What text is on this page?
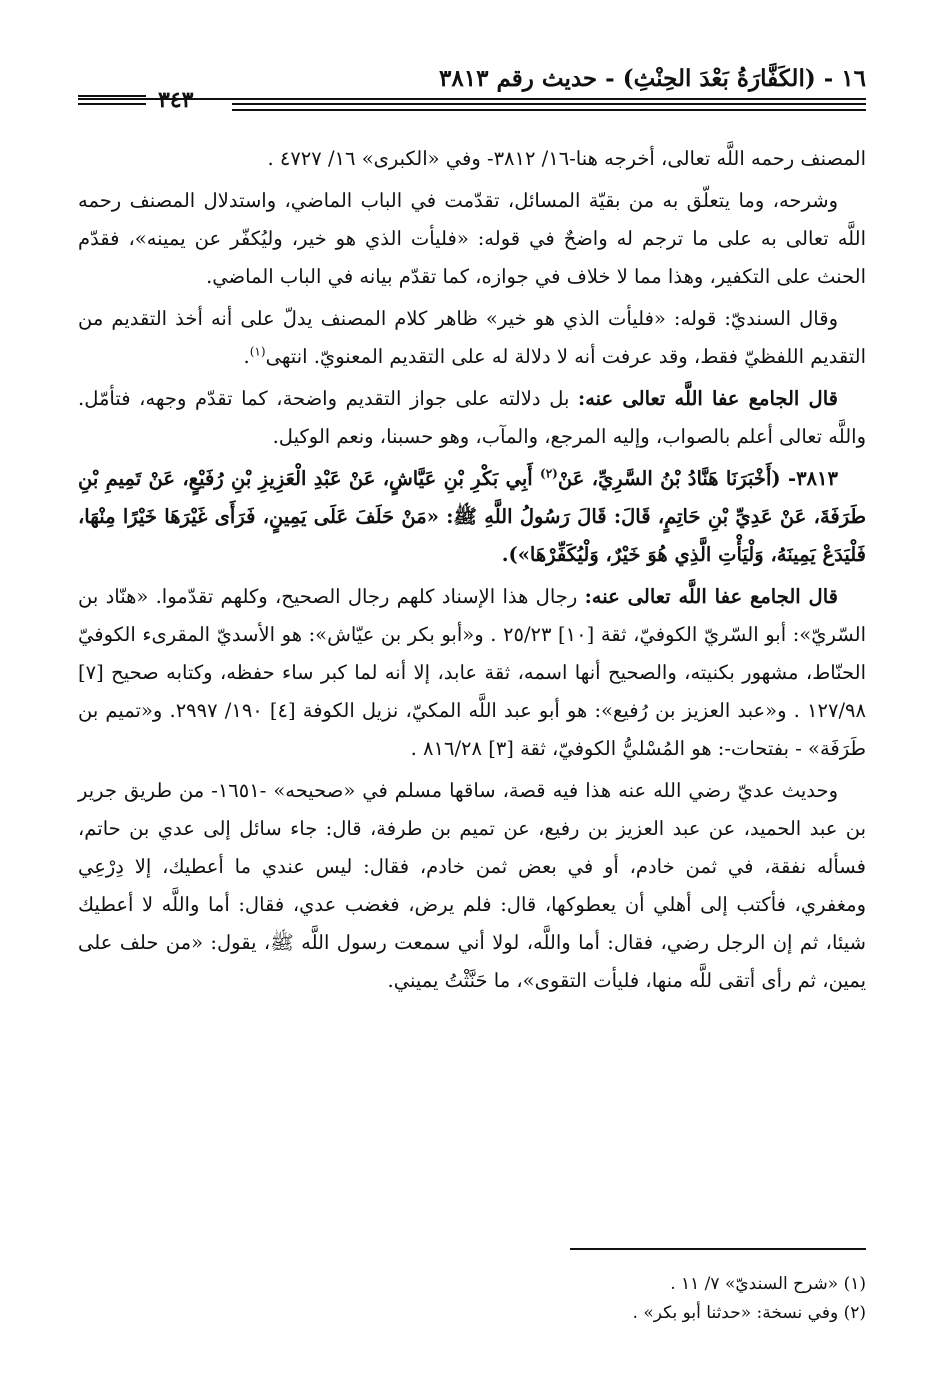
١٦ - (الكَفَّارَةُ بَعْدَ الحِنْثِ) - حديث رقم ٣٨١٣
٣٤٣

المصنف رحمه اللَّه تعالى، أخرجه هنا-١٦/ ٣٨١٢- وفي «الكبرى» ١٦/ ٤٧٢٧ .

وشرحه، وما يتعلّق به من بقيّة المسائل، تقدّمت في الباب الماضي، واستدلال المصنف رحمه اللَّه تعالى به على ما ترجم له واضحٌ في قوله: «فليأت الذي هو خير، وليُكفّر عن يمينه»، فقدّم الحنث على التكفير، وهذا مما لا خلاف في جوازه، كما تقدّم بيانه في الباب الماضي.

وقال السنديّ: قوله: «فليأت الذي هو خير» ظاهر كلام المصنف يدلّ على أنه أخذ التقديم من التقديم اللفظيّ فقط، وقد عرفت أنه لا دلالة له على التقديم المعنويّ. انتهى$^{(١)}$.

قال الجامع عفا اللَّه تعالى عنه: بل دلالته على جواز التقديم واضحة، كما تقدّم وجهه، فتأمّل. واللَّه تعالى أعلم بالصواب، وإليه المرجع، والمآب، وهو حسبنا، ونعم الوكيل.

٣٨١٣- (أَخْبَرَنَا هَنَّادُ بْنُ السَّرِيِّ، عَنْ$^{(٢)}$ أَبِي بَكْرِ بْنِ عَيَّاشٍ، عَنْ عَبْدِ الْعَزِيزِ بْنِ رُفَيْعٍ، عَنْ تَمِيمِ بْنِ طَرَفَةَ، عَنْ عَدِيِّ بْنِ حَاتِمٍ، قَالَ: قَالَ رَسُولُ اللَّهِ ﷺ: «مَنْ حَلَفَ عَلَى يَمِينٍ، فَرَأَى غَيْرَهَا خَيْرًا مِنْهَا، فَلْيَدَعْ يَمِينَهُ، وَلْيَأْتِ الَّذِي هُوَ خَيْرٌ، وَلْيُكَفِّرْهَا»).

قال الجامع عفا اللَّه تعالى عنه: رجال هذا الإسناد كلهم رجال الصحيح، وكلهم تقدّموا. «هنّاد بن السّريّ»: أبو السّريّ الكوفيّ، ثقة [١٠] ٢٥/٢٣ . و«أبو بكر بن عيّاش»: هو الأسديّ المقرىء الكوفيّ الحنّاط، مشهور بكنيته، والصحيح أنها اسمه، ثقة عابد، إلا أنه لما كبر ساء حفظه، وكتابه صحيح [٧] ١٢٧/٩٨ . و«عبد العزيز بن رُفيع»: هو أبو عبد اللَّه المكيّ، نزيل الكوفة [٤] ١٩٠/ ٢٩٩٧. و«تميم بن طَرَفَة» - بفتحات-: هو المُسْليُّ الكوفيّ، ثقة [٣] ٨١٦/٢٨ .

وحديث عديّ رضي الله عنه هذا فيه قصة، ساقها مسلم في «صحيحه» -١٦٥١- من طريق جرير بن عبد الحميد، عن عبد العزيز بن رفيع، عن تميم بن طرفة، قال: جاء سائل إلى عدي بن حاتم، فسأله نفقة، في ثمن خادم، أو في بعض ثمن خادم، فقال: ليس عندي ما أعطيك، إلا دِرْعِي ومغفري، فأكتب إلى أهلي أن يعطوكها، قال: فلم يرض، فغضب عدي، فقال: أما واللَّه لا أعطيك شيئا، ثم إن الرجل رضي، فقال: أما واللَّه، لولا أني سمعت رسول اللَّه ﷺ، يقول: «من حلف على يمين، ثم رأى أتقى للَّه منها، فليأت التقوى»، ما حَنَّثْتُ يميني.

(١) «شرح السنديّ» ٧/ ١١ .
(٢) وفي نسخة: «حدثنا أبو بكر» .
